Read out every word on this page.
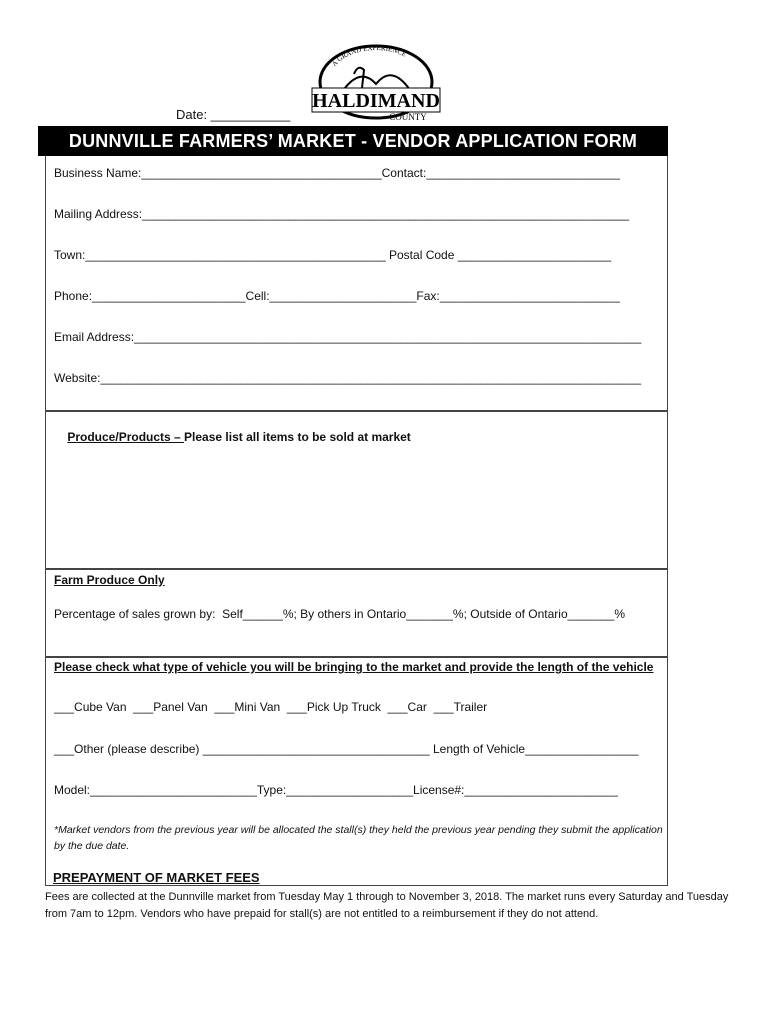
Date: ___________
A GRAND EXPERIENCE
HALDIMAND
COUNTY
DUNNVILLE FARMERS’ MARKET - VENDOR APPLICATION FORM
Business Name:____________________________________Contact:_____________________________
Mailing Address:_________________________________________________________________________
Town:_____________________________________________ Postal Code _______________________
Phone:_______________________Cell:______________________Fax:___________________________
Email Address:____________________________________________________________________________
Website:_________________________________________________________________________________

Produce/Products – Please list all items to be sold at market

Farm Produce Only
Percentage of sales grown by:  Self______%; By others in Ontario_______%; Outside of Ontario_______%
Please check what type of vehicle you will be bringing to the market and provide the length of the vehicle
___Cube Van  ___Panel Van  ___Mini Van  ___Pick Up Truck  ___Car  ___Trailer
___Other (please describe) __________________________________ Length of Vehicle_________________
Model:_________________________Type:___________________License#:_______________________
*Market vendors from the previous year will be allocated the stall(s) they held the previous year pending they submit the application by the due date.
PREPAYMENT OF MARKET FEES
Fees are collected at the Dunnville market from Tuesday May 1 through to November 3, 2018. The market runs every Saturday and Tuesday from 7am to 12pm. Vendors who have prepaid for stall(s) are not entitled to a reimbursement if they do not attend.
